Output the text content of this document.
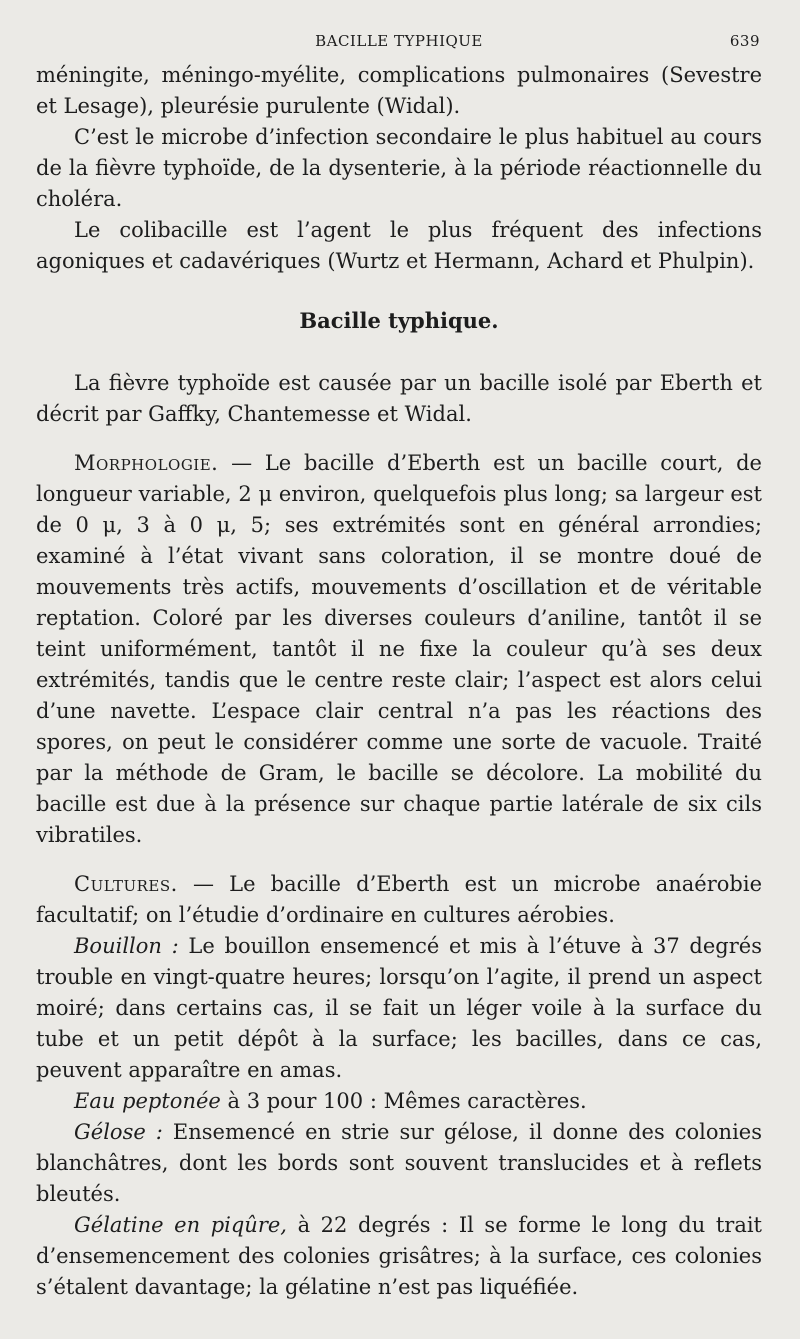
BACILLE TYPHIQUE	639

méningite, méningo-myélite, complications pulmonaires (Sevestre et Lesage), pleurésie purulente (Widal).

C’est le microbe d’infection secondaire le plus habituel au cours de la fièvre typhoïde, de la dysenterie, à la période réactionnelle du choléra.

Le colibacille est l’agent le plus fréquent des infections agoniques et cadavériques (Wurtz et Hermann, Achard et Phulpin).

Bacille typhique.

La fièvre typhoïde est causée par un bacille isolé par Eberth et décrit par Gaffky, Chantemesse et Widal.

Morphologie. — Le bacille d’Eberth est un bacille court, de longueur variable, 2 μ environ, quelquefois plus long; sa largeur est de 0 μ, 3 à 0 μ, 5; ses extrémités sont en général arrondies; examiné à l’état vivant sans coloration, il se montre doué de mouvements très actifs, mouvements d’oscillation et de véritable reptation. Coloré par les diverses couleurs d’aniline, tantôt il se teint uniformément, tantôt il ne fixe la couleur qu’à ses deux extrémités, tandis que le centre reste clair; l’aspect est alors celui d’une navette. L’espace clair central n’a pas les réactions des spores, on peut le considérer comme une sorte de vacuole. Traité par la méthode de Gram, le bacille se décolore. La mobilité du bacille est due à la présence sur chaque partie latérale de six cils vibratiles.

Cultures. — Le bacille d’Eberth est un microbe anaérobie facultatif; on l’étudie d’ordinaire en cultures aérobies.

Bouillon : Le bouillon ensemencé et mis à l’étuve à 37 degrés trouble en vingt-quatre heures; lorsqu’on l’agite, il prend un aspect moiré; dans certains cas, il se fait un léger voile à la surface du tube et un petit dépôt à la surface; les bacilles, dans ce cas, peuvent apparaître en amas.

Eau peptonée à 3 pour 100 : Mêmes caractères.

Gélose : Ensemencé en strie sur gélose, il donne des colonies blanchâtres, dont les bords sont souvent translucides et à reflets bleutés.

Gélatine en piqûre, à 22 degrés : Il se forme le long du trait d’ensemencement des colonies grisâtres; à la surface, ces colonies s’étalent davantage; la gélatine n’est pas liquéfiée.
